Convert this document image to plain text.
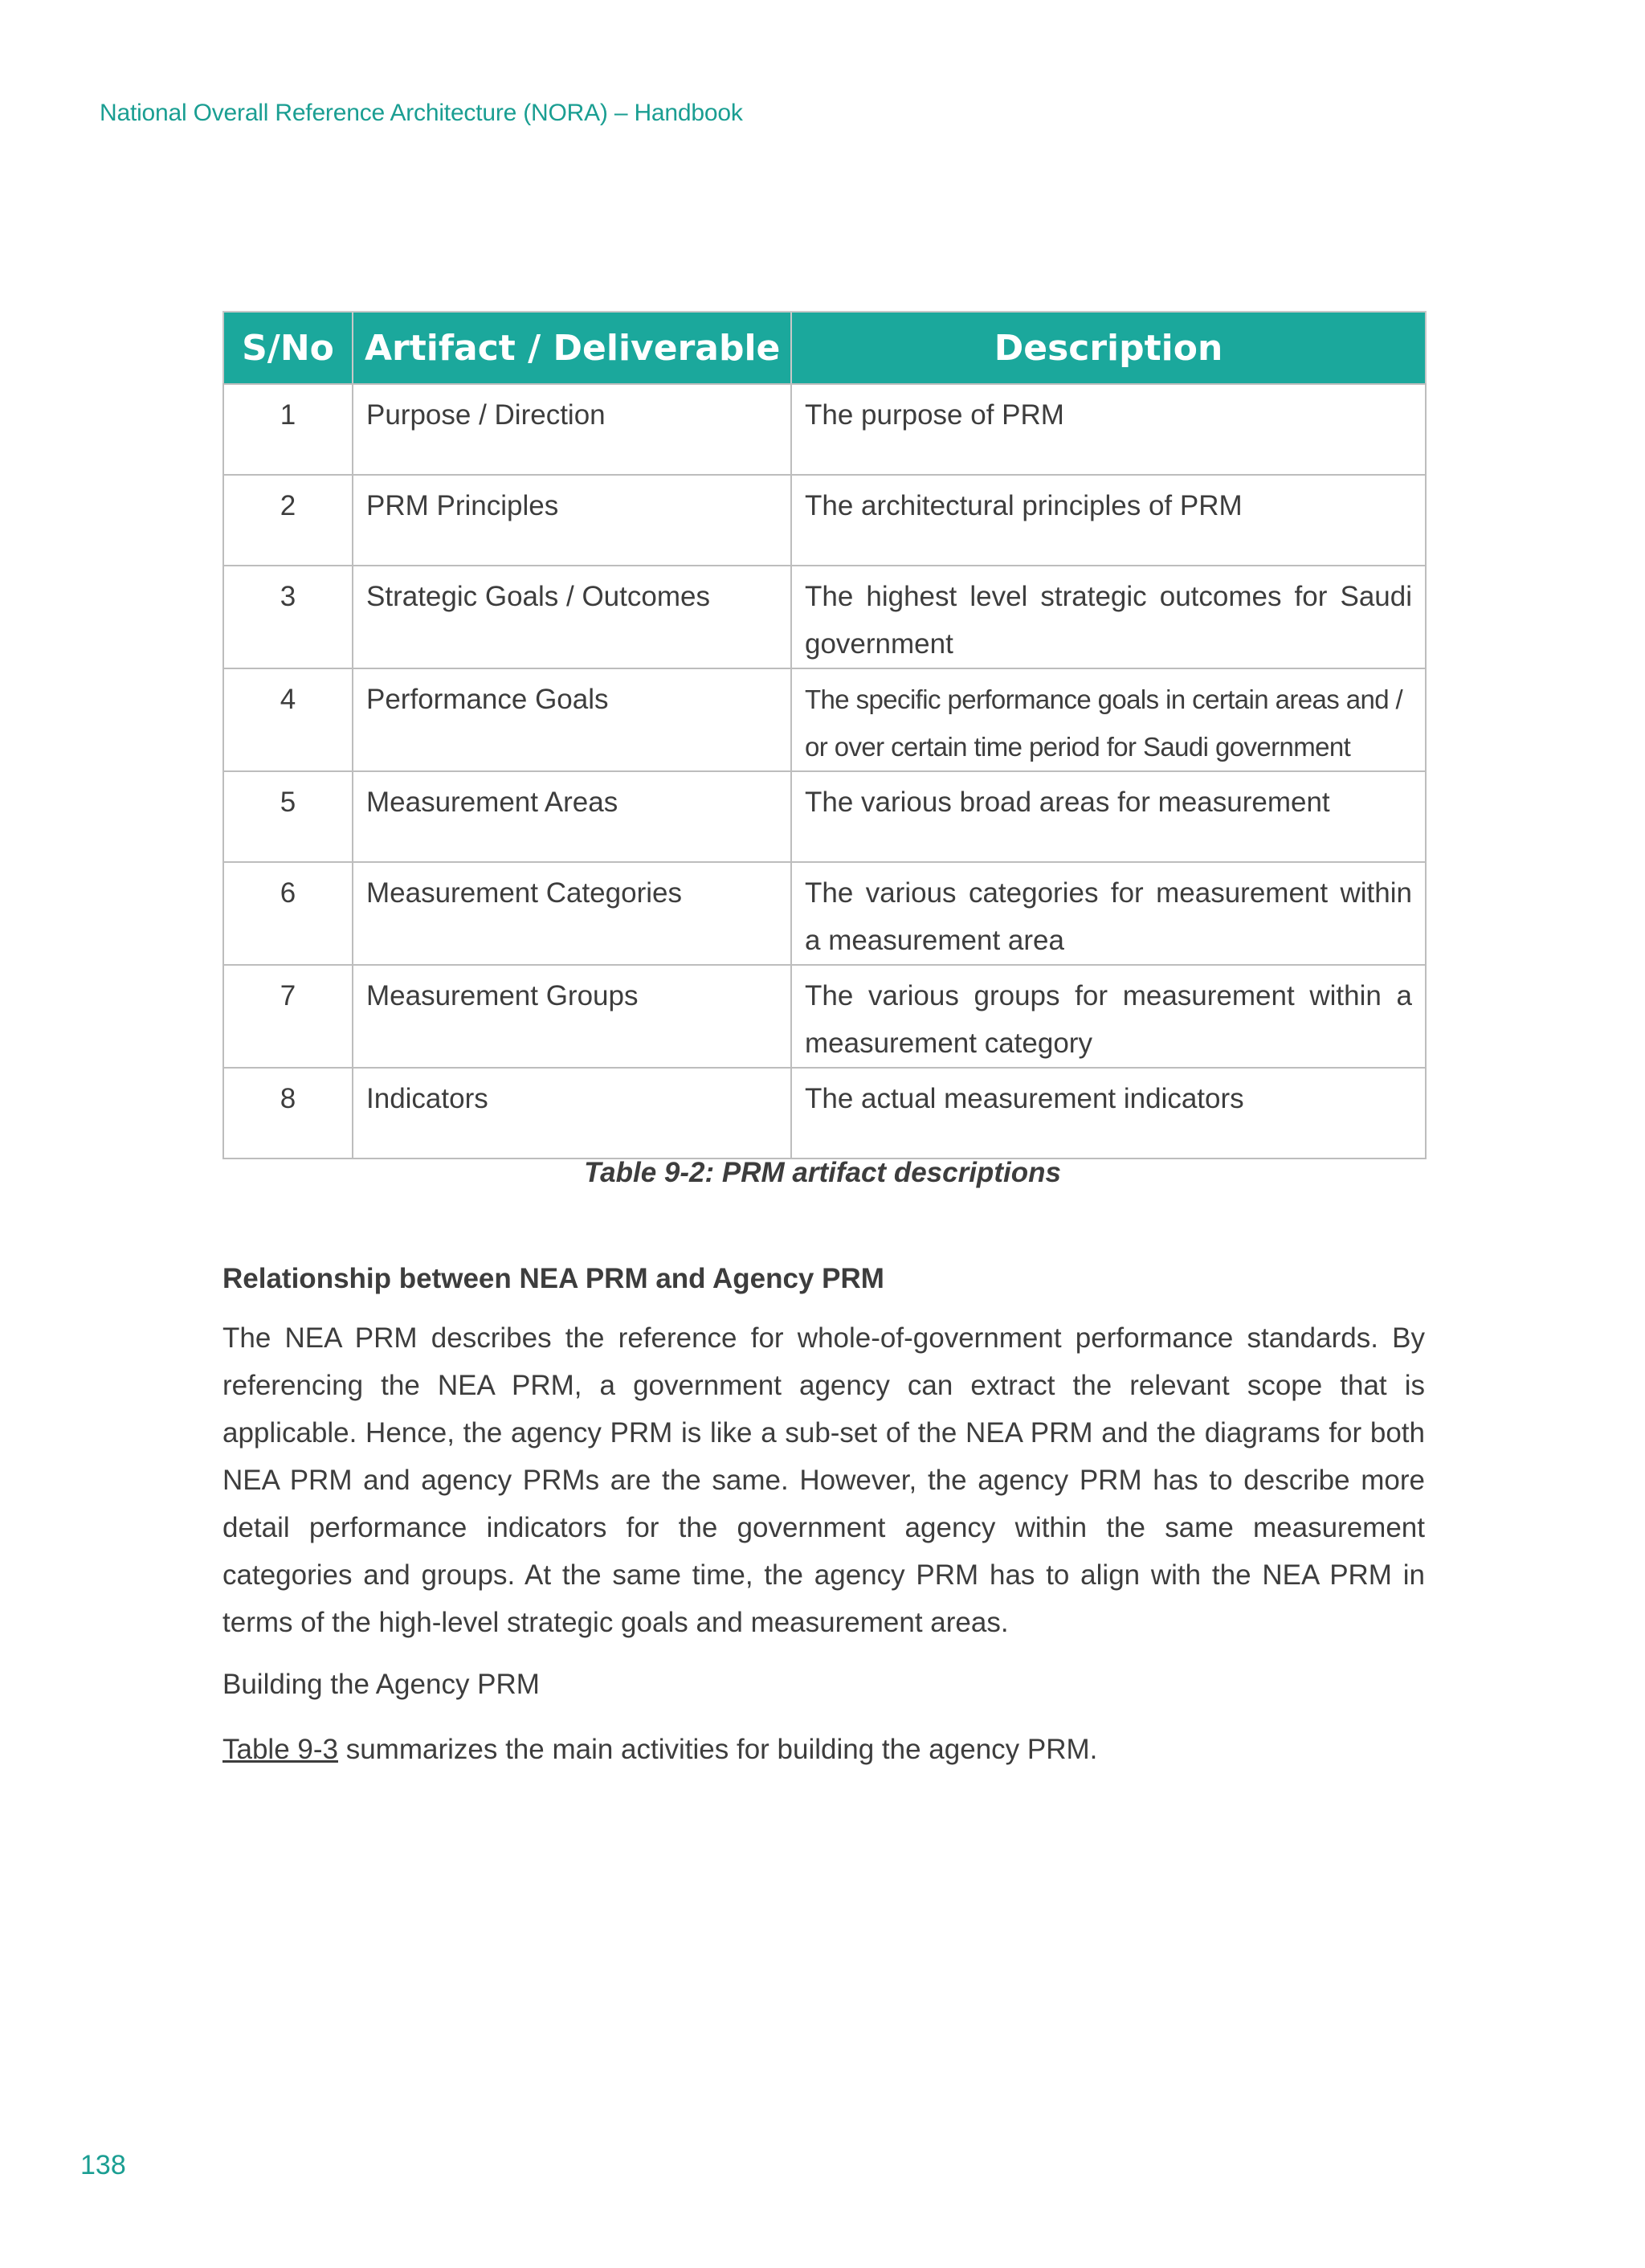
National Overall Reference Architecture (NORA) – Handbook
S/No	Artifact / Deliverable	Description
1	Purpose / Direction	The purpose of PRM
2	PRM Principles	The architectural principles of PRM
3	Strategic Goals / Outcomes	The highest level strategic outcomes for Saudi government
4	Performance Goals	The specific performance goals in certain areas and / or over certain time period for Saudi government
5	Measurement Areas	The various broad areas for measurement
6	Measurement Categories	The various categories for measurement within a measurement area
7	Measurement Groups	The various groups for measurement within a measurement category
8	Indicators	The actual measurement indicators
Table 9-2: PRM artifact descriptions
Relationship between NEA PRM and Agency PRM
The NEA PRM describes the reference for whole-of-government performance standards. By referencing the NEA PRM, a government agency can extract the relevant scope that is applicable. Hence, the agency PRM is like a sub-set of the NEA PRM and the diagrams for both NEA PRM and agency PRMs are the same. However, the agency PRM has to describe more detail performance indicators for the government agency within the same measurement categories and groups. At the same time, the agency PRM has to align with the NEA PRM in terms of the high-level strategic goals and measurement areas.
Building the Agency PRM
Table 9-3 summarizes the main activities for building the agency PRM.
138
